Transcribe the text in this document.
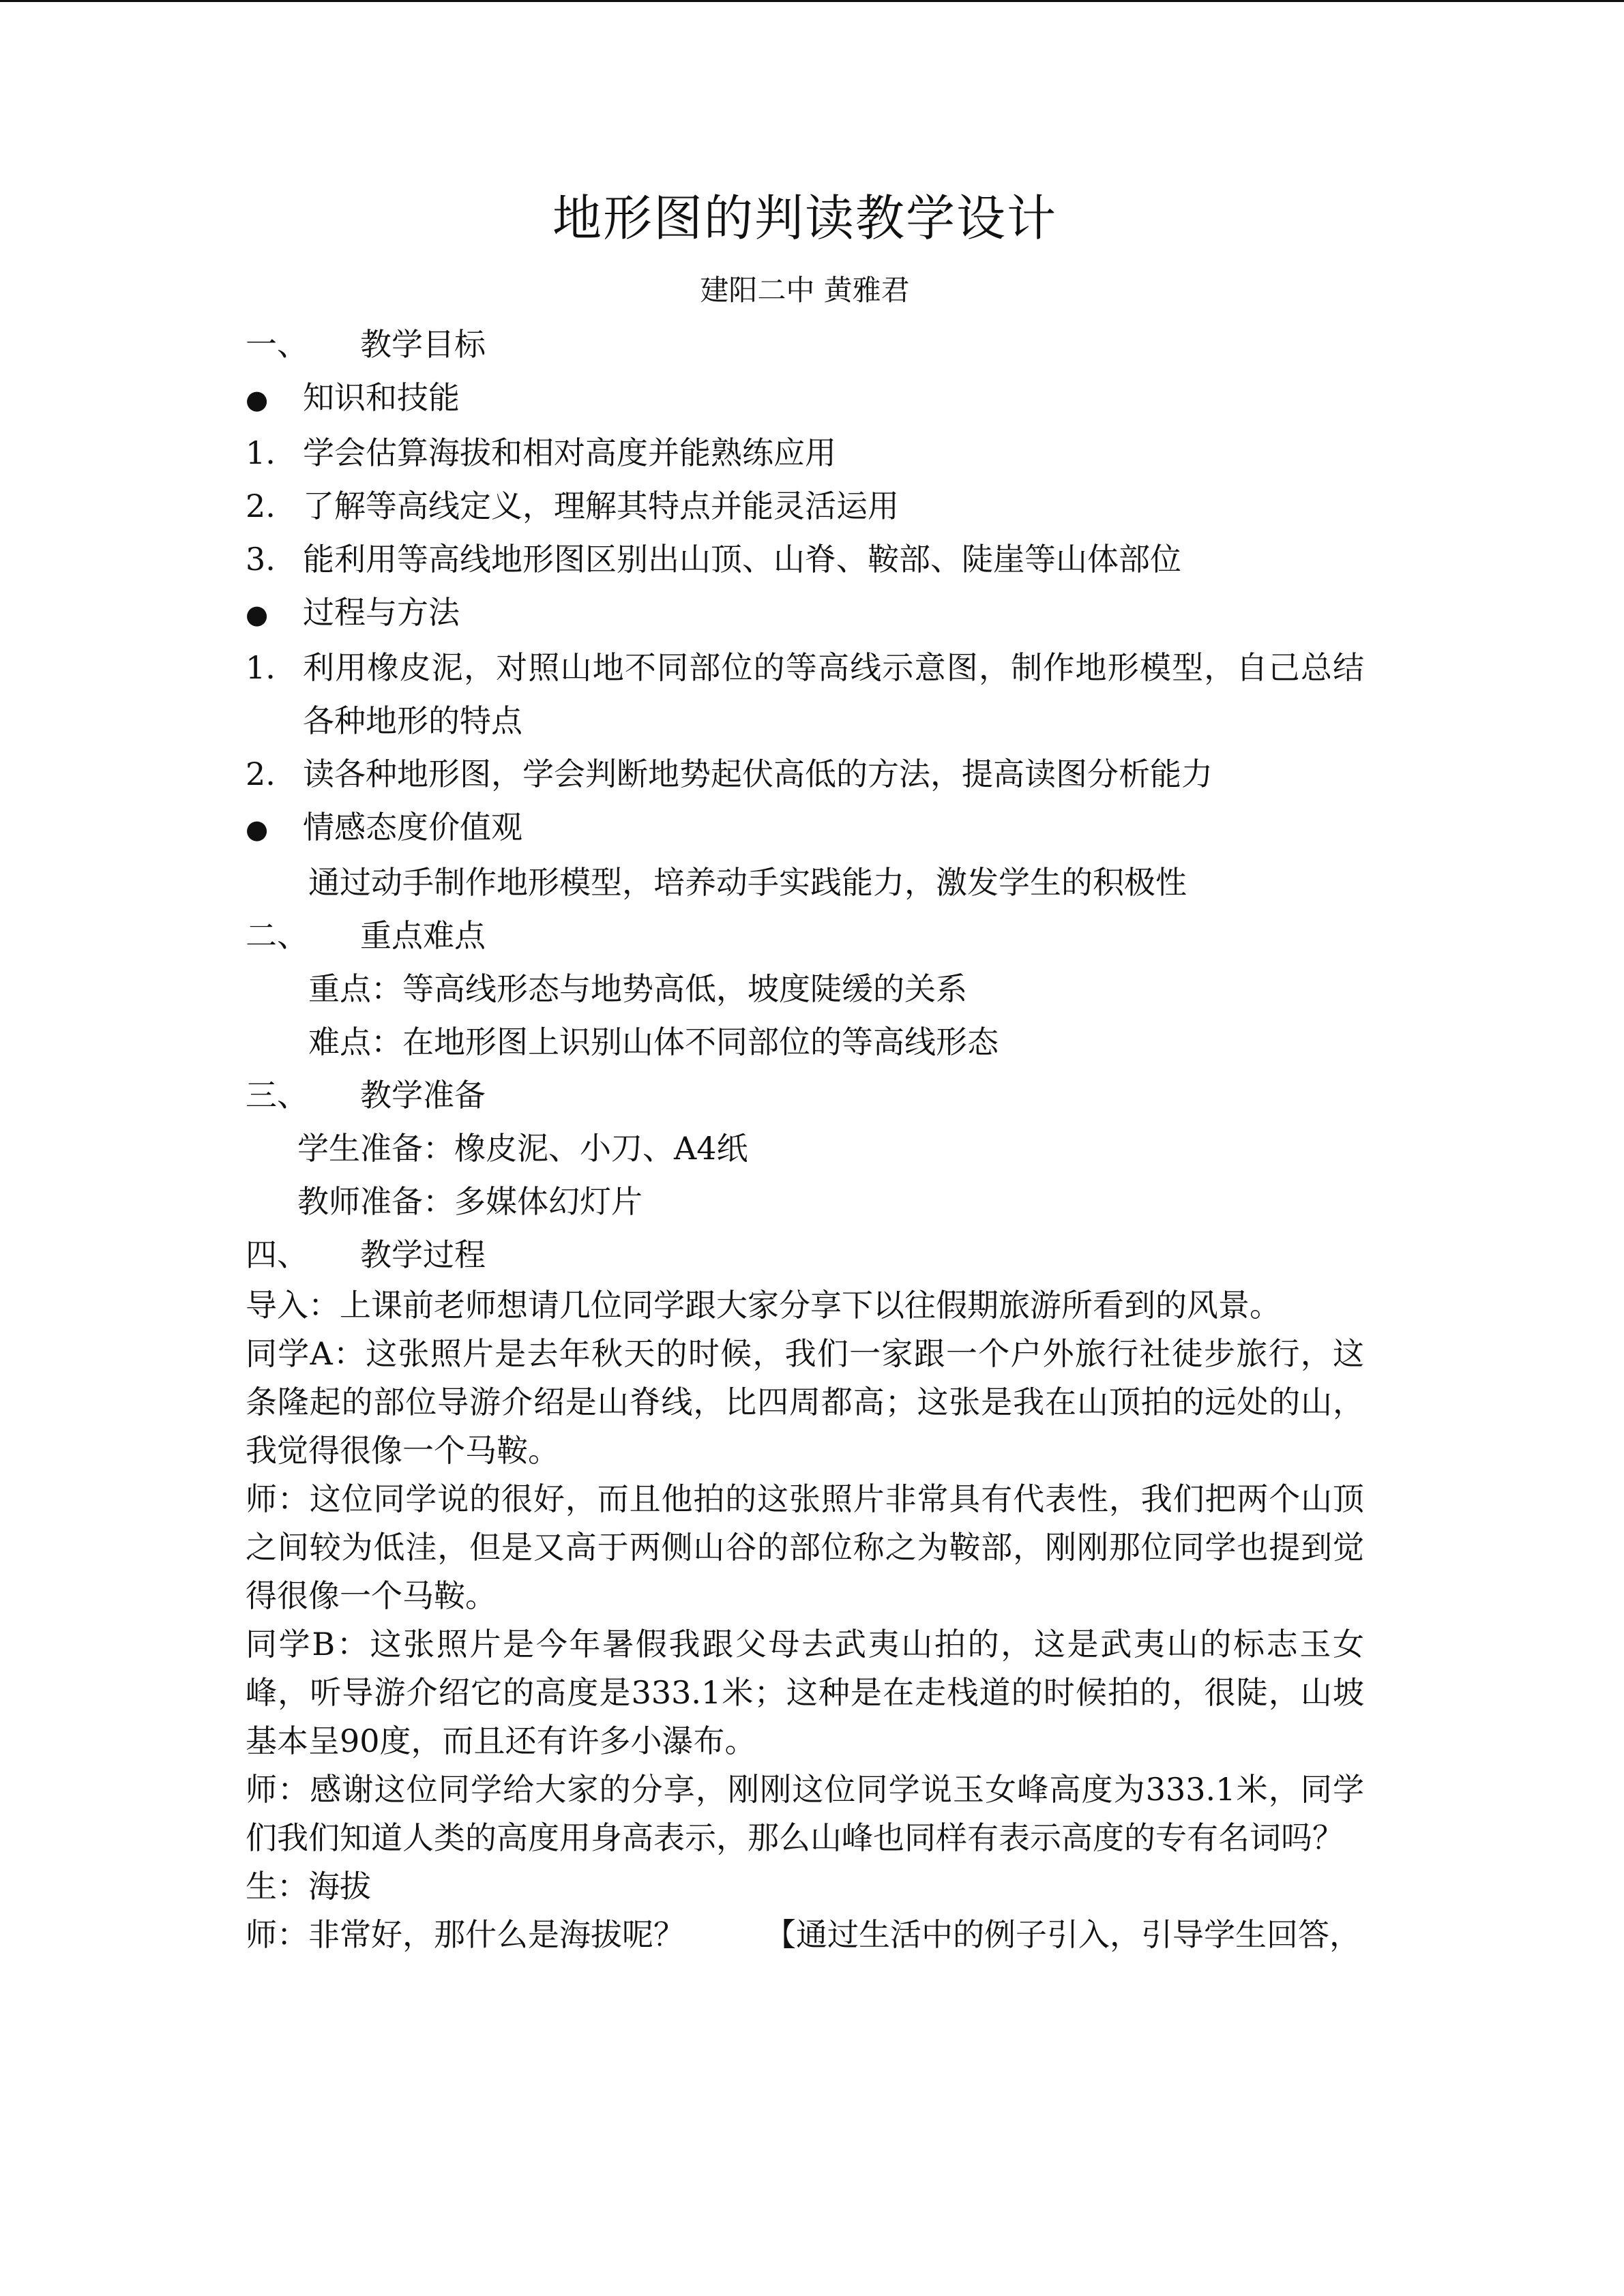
地形图的判读教学设计
建阳二中 黄雅君
一、 教学目标
● 知识和技能
1. 学会估算海拔和相对高度并能熟练应用
2. 了解等高线定义，理解其特点并能灵活运用
3. 能利用等高线地形图区别出山顶、山脊、鞍部、陡崖等山体部位
● 过程与方法
1. 利用橡皮泥，对照山地不同部位的等高线示意图，制作地形模型，自己总结各种地形的特点
2. 读各种地形图，学会判断地势起伏高低的方法，提高读图分析能力
● 情感态度价值观
通过动手制作地形模型，培养动手实践能力，激发学生的积极性
二、 重点难点
重点：等高线形态与地势高低，坡度陡缓的关系
难点：在地形图上识别山体不同部位的等高线形态
三、 教学准备
学生准备：橡皮泥、小刀、A4纸
教师准备：多媒体幻灯片
四、 教学过程

导入：上课前老师想请几位同学跟大家分享下以往假期旅游所看到的风景。

同学A：这张照片是去年秋天的时候，我们一家跟一个户外旅行社徒步旅行，这条隆起的部位导游介绍是山脊线，比四周都高；这张是我在山顶拍的远处的山，我觉得很像一个马鞍。

师：这位同学说的很好，而且他拍的这张照片非常具有代表性，我们把两个山顶之间较为低洼，但是又高于两侧山谷的部位称之为鞍部，刚刚那位同学也提到觉得很像一个马鞍。

同学B：这张照片是今年暑假我跟父母去武夷山拍的，这是武夷山的标志玉女峰，听导游介绍它的高度是333.1米；这种是在走栈道的时候拍的，很陡，山坡基本呈90度，而且还有许多小瀑布。

师：感谢这位同学给大家的分享，刚刚这位同学说玉女峰高度为333.1米，同学们我们知道人类的高度用身高表示，那么山峰也同样有表示高度的专有名词吗？

生：海拔

师：非常好，那什么是海拔呢？        【通过生活中的例子引入，引导学生回答，
